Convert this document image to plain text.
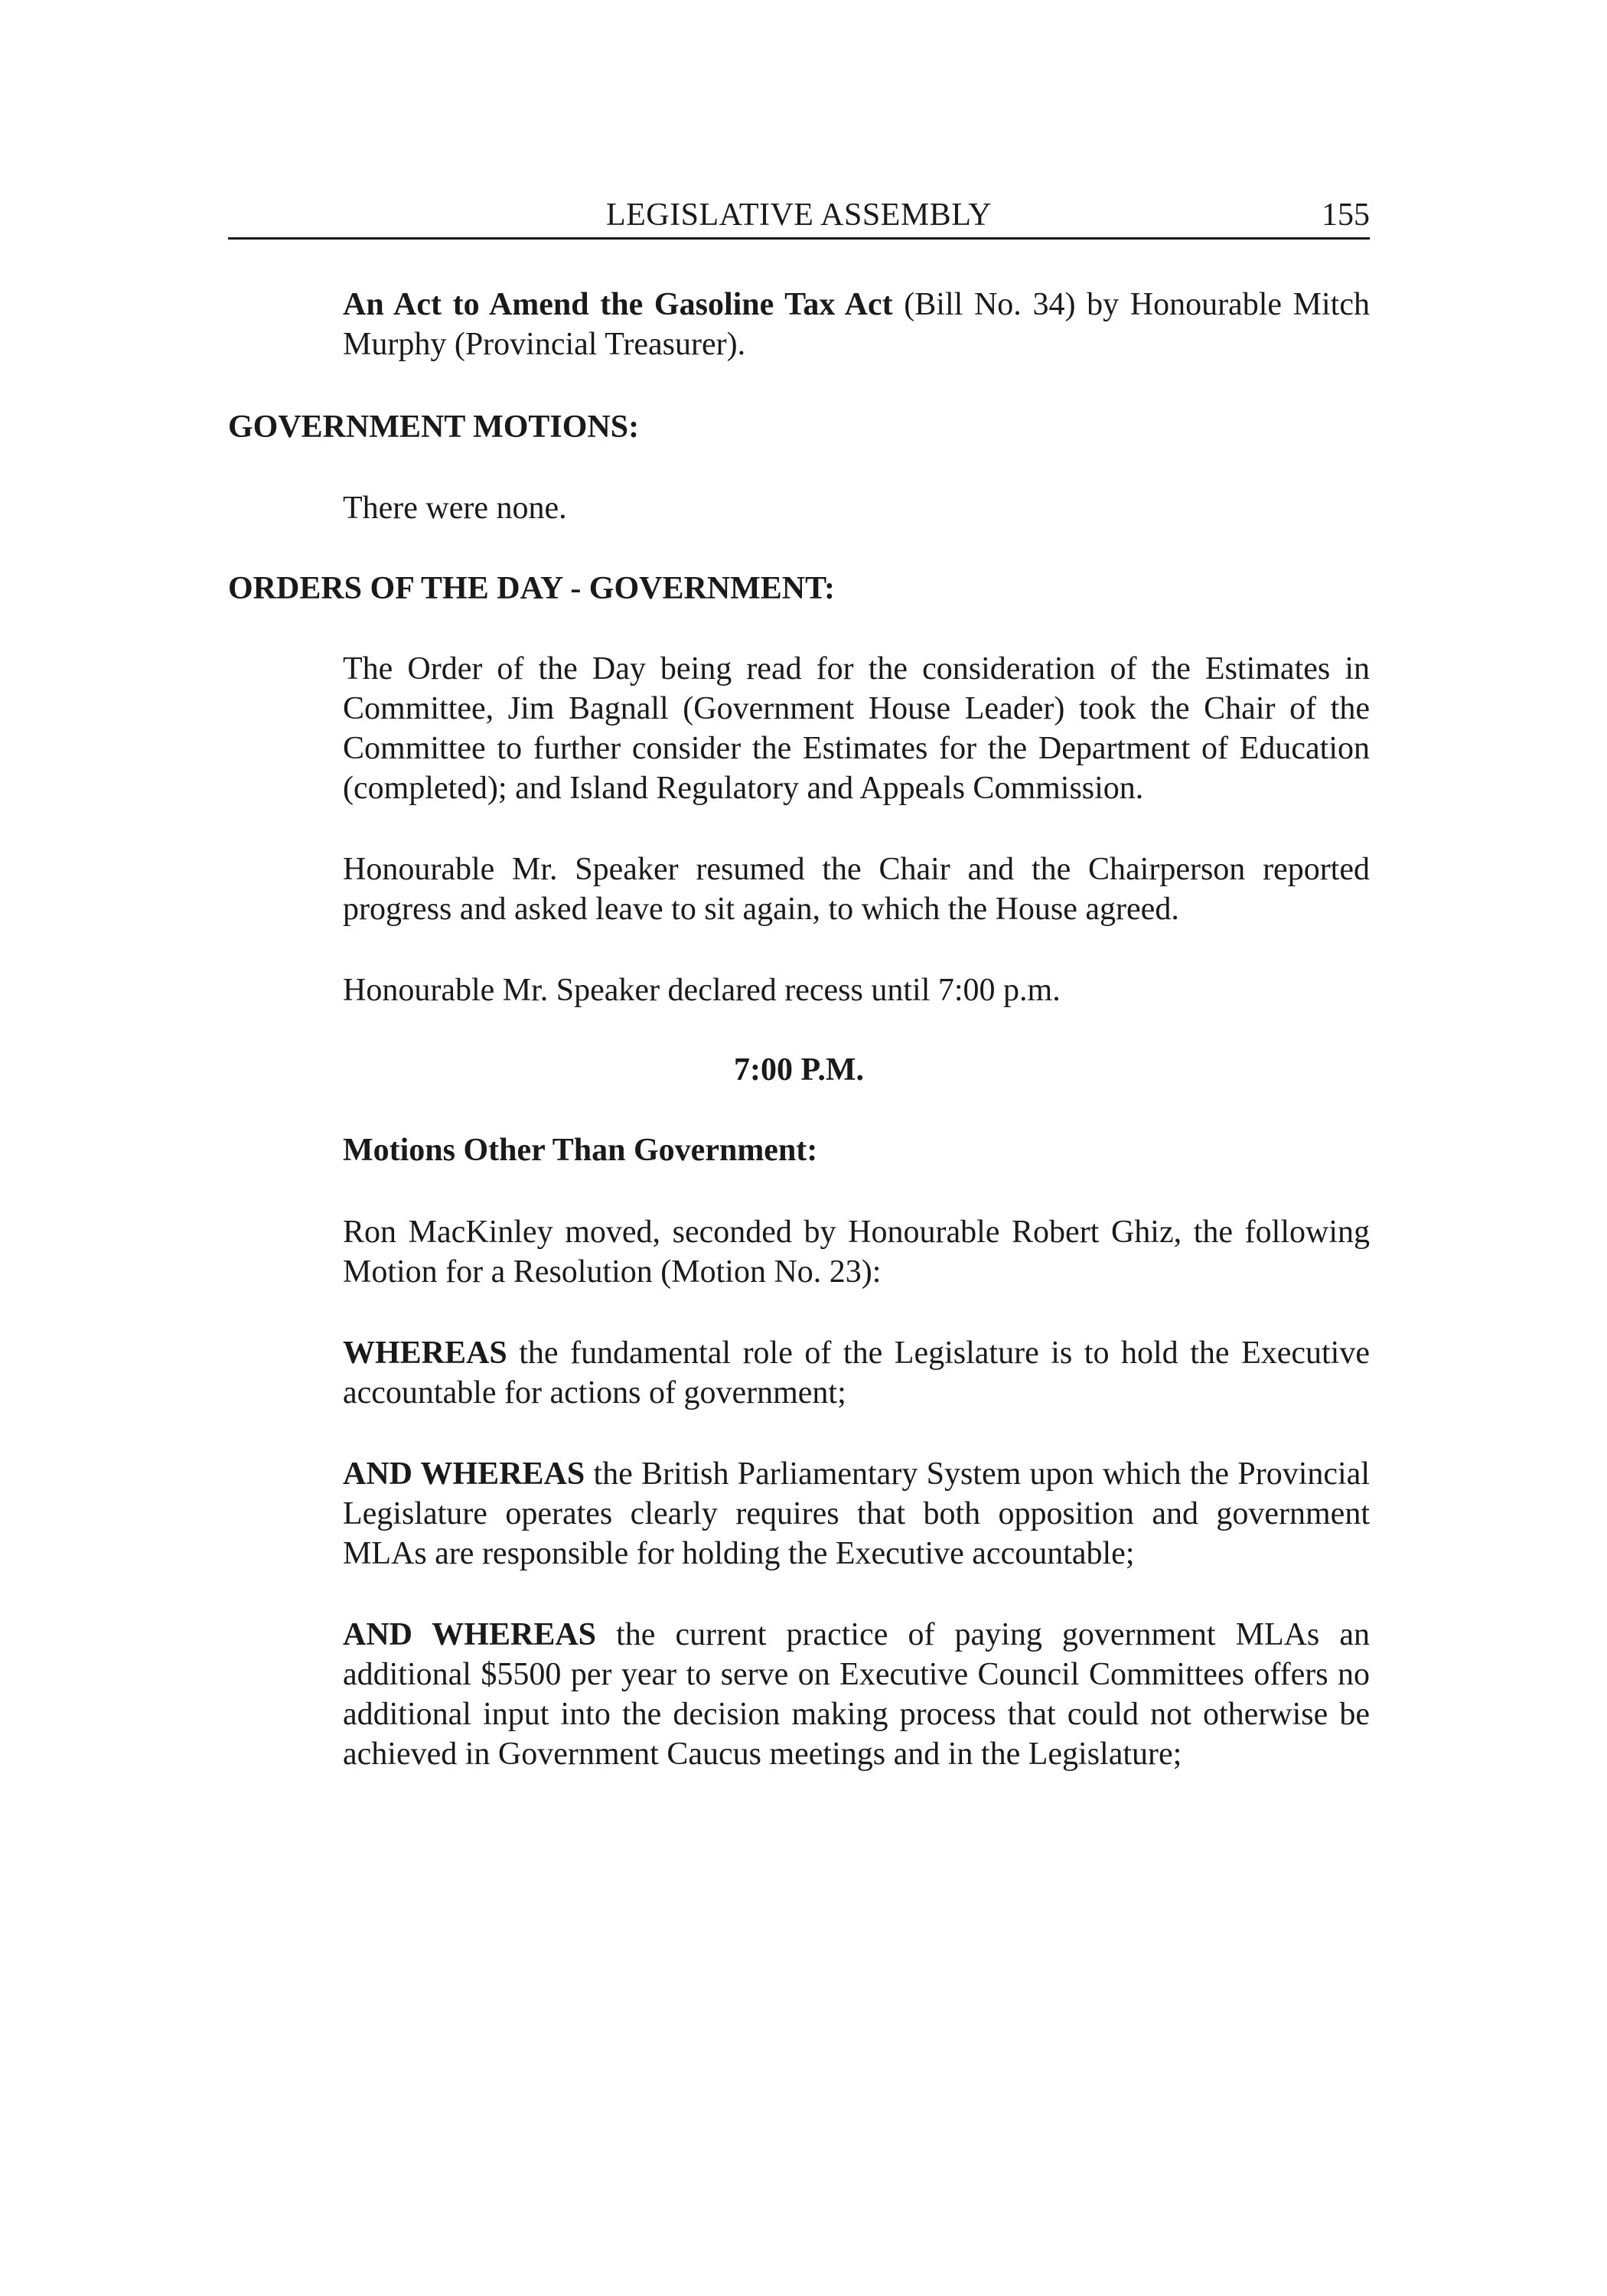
LEGISLATIVE ASSEMBLY	155
An Act to Amend the Gasoline Tax Act (Bill No. 34) by Honourable Mitch Murphy (Provincial Treasurer).
GOVERNMENT MOTIONS:
There were none.
ORDERS OF THE DAY - GOVERNMENT:
The Order of the Day being read for the consideration of the Estimates in Committee, Jim Bagnall (Government House Leader) took the Chair of the Committee to further consider the Estimates for the Department of Education (completed); and Island Regulatory and Appeals Commission.
Honourable Mr. Speaker resumed the Chair and the Chairperson reported progress and asked leave to sit again, to which the House agreed.
Honourable Mr. Speaker declared recess until 7:00 p.m.
7:00 P.M.
Motions Other Than Government:
Ron MacKinley moved, seconded by Honourable Robert Ghiz, the following Motion for a Resolution (Motion No. 23):
WHEREAS the fundamental role of the Legislature is to hold the Executive accountable for actions of government;
AND WHEREAS the British Parliamentary System upon which the Provincial Legislature operates clearly requires that both opposition and government MLAs are responsible for holding the Executive accountable;
AND WHEREAS the current practice of paying government MLAs an additional $5500 per year to serve on Executive Council Committees offers no additional input into the decision making process that could not otherwise be achieved in Government Caucus meetings and in the Legislature;
